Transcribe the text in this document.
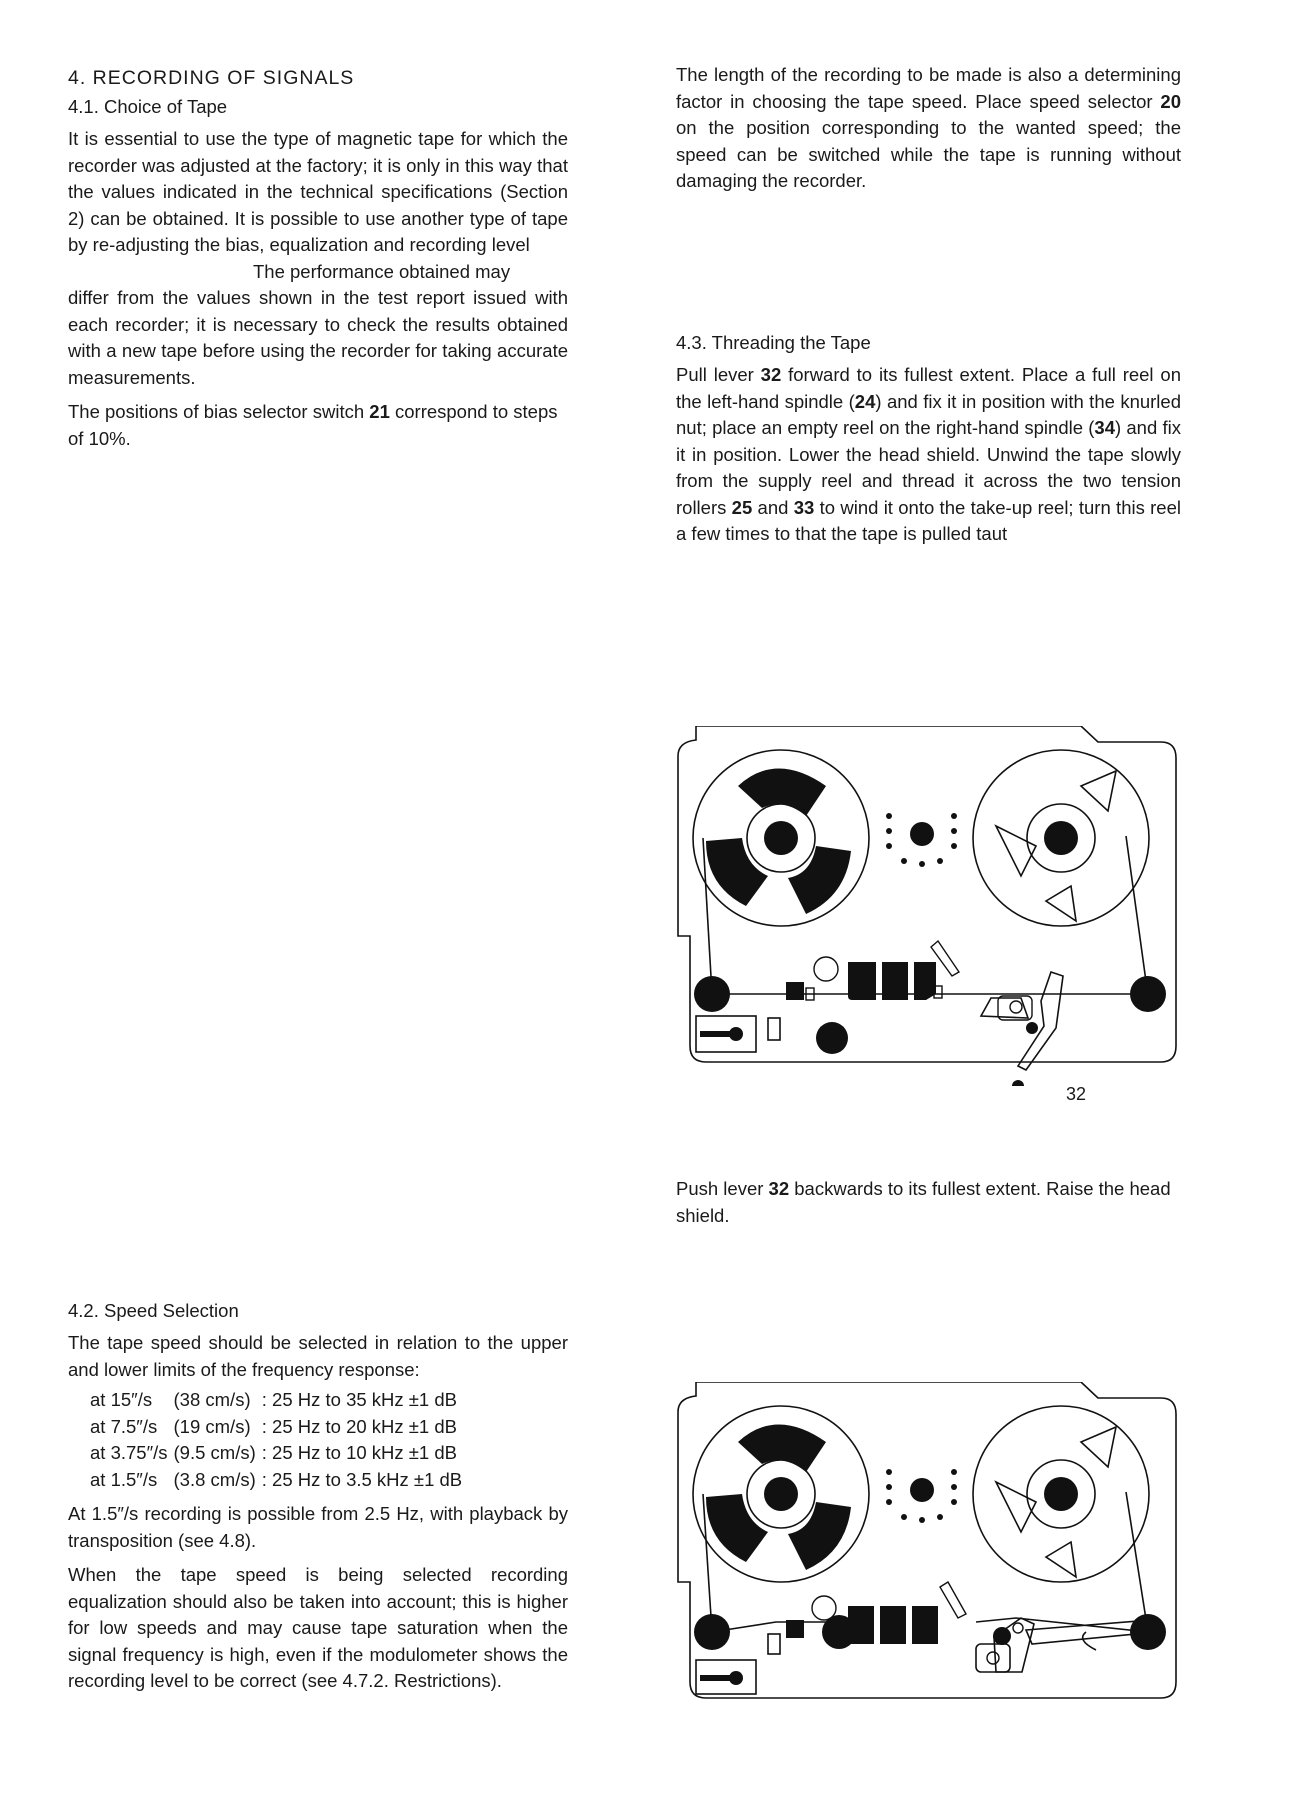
4. RECORDING OF SIGNALS
4.1. Choice of Tape

It is essential to use the type of magnetic tape for which the recorder was adjusted at the factory; it is only in this way that the values indicated in the technical specifications (Section 2) can be obtained. It is possible to use another type of tape by re-adjusting the bias, equalization and recording level

The performance obtained may

differ from the values shown in the test report issued with each recorder; it is necessary to check the results obtained with a new tape before using the recorder for taking accurate measurements.

The positions of bias selector switch 21 correspond to steps of 10%.

4.2. Speed Selection

The tape speed should be selected in relation to the upper and lower limits of the frequency response:

at 15″/s	(38 cm/s)	: 25 Hz to 35 kHz ±1 dB
at 7.5″/s	(19 cm/s)	: 25 Hz to 20 kHz ±1 dB
at 3.75″/s	(9.5 cm/s)	: 25 Hz to 10 kHz ±1 dB
at 1.5″/s	(3.8 cm/s)	: 25 Hz to 3.5 kHz ±1 dB

At 1.5″/s recording is possible from 2.5 Hz, with playback by transposition (see 4.8).

When the tape speed is being selected recording equalization should also be taken into account; this is higher for low speeds and may cause tape saturation when the signal frequency is high, even if the modulometer shows the recording level to be correct (see 4.7.2. Restrictions).

The length of the recording to be made is also a determining factor in choosing the tape speed. Place speed selector 20 on the position corresponding to the wanted speed; the speed can be switched while the tape is running without damaging the recorder.

4.3. Threading the Tape

Pull lever 32 forward to its fullest extent. Place a full reel on the left-hand spindle (24) and fix it in position with the knurled nut; place an empty reel on the right-hand spindle (34) and fix it in position. Lower the head shield. Unwind the tape slowly from the supply reel and thread it across the two tension rollers 25 and 33 to wind it onto the take-up reel; turn this reel a few times to that the tape is pulled taut

32

Push lever 32 backwards to its fullest extent. Raise the head shield.
